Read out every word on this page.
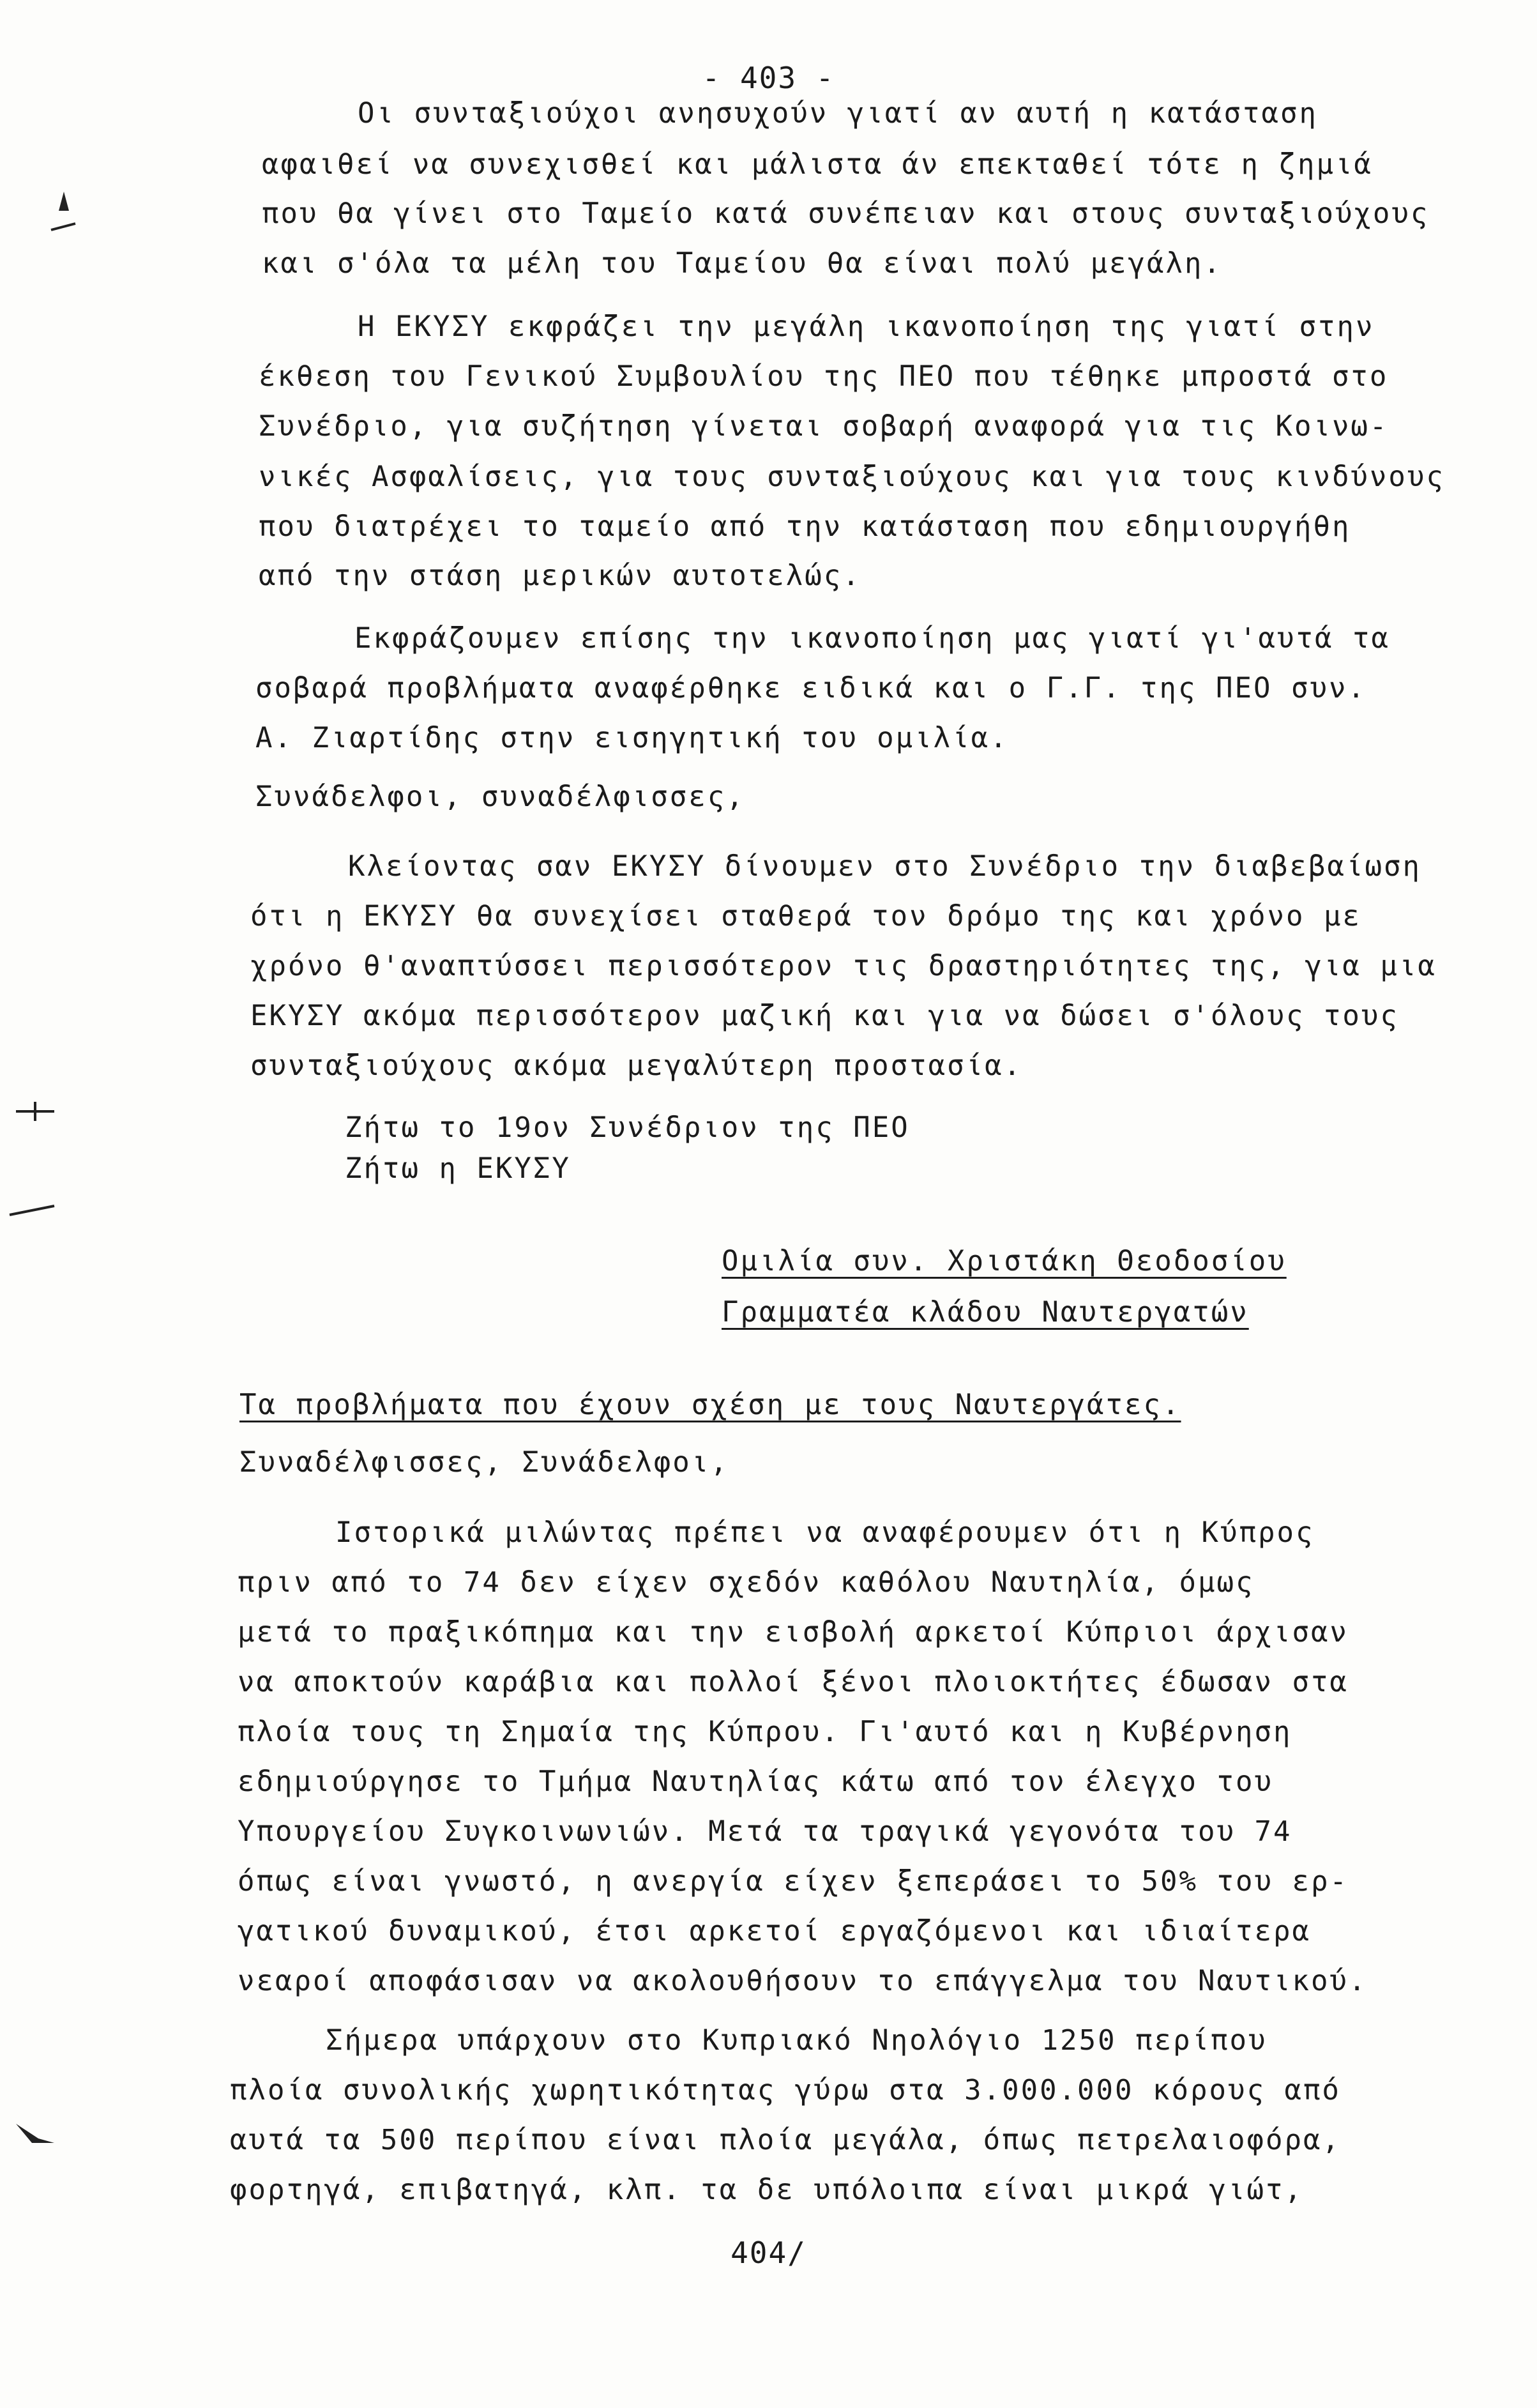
- 403 -
Οι συνταξιούχοι ανησυχούν γιατί αν αυτή η κατάσταση
αφαιθεί να συνεχισθεί και μάλιστα άν επεκταθεί τότε η ζημιά
που θα γίνει στο Ταμείο κατά συνέπειαν και στους συνταξιούχους
και σ'όλα τα μέλη του Ταμείου θα είναι πολύ μεγάλη.
Η ΕΚΥΣΥ εκφράζει την μεγάλη ικανοποίηση της γιατί στην
έκθεση του Γενικού Συμβουλίου της ΠΕΟ που τέθηκε μπροστά στο
Συνέδριο, για συζήτηση γίνεται σοβαρή αναφορά για τις Κοινω-
νικές Ασφαλίσεις, για τους συνταξιούχους και για τους κινδύνους
που διατρέχει το ταμείο από την κατάσταση που εδημιουργήθη
από την στάση μερικών αυτοτελώς.
Εκφράζουμεν επίσης την ικανοποίηση μας γιατί γι'αυτά τα
σοβαρά προβλήματα αναφέρθηκε ειδικά και ο Γ.Γ. της ΠΕΟ συν.
Α. Ζιαρτίδης στην εισηγητική του ομιλία.
Συνάδελφοι, συναδέλφισσες,
Κλείοντας σαν ΕΚΥΣΥ δίνουμεν στο Συνέδριο την διαβεβαίωση
ότι η ΕΚΥΣΥ θα συνεχίσει σταθερά τον δρόμο της και χρόνο με
χρόνο θ'αναπτύσσει περισσότερον τις δραστηριότητες της, για μια
ΕΚΥΣΥ ακόμα περισσότερον μαζική και για να δώσει σ'όλους τους
συνταξιούχους ακόμα μεγαλύτερη προστασία.
Ζήτω το 19ον Συνέδριον της ΠΕΟ
Ζήτω η ΕΚΥΣΥ
Ομιλία συν. Χριστάκη Θεοδοσίου
Γραμματέα κλάδου Ναυτεργατών
Τα προβλήματα που έχουν σχέση με τους Ναυτεργάτες.
Συναδέλφισσες, Συνάδελφοι,
Ιστορικά μιλώντας πρέπει να αναφέρουμεν ότι η Κύπρος
πριν από το 74 δεν είχεν σχεδόν καθόλου Ναυτηλία, όμως
μετά το πραξικόπημα και την εισβολή αρκετοί Κύπριοι άρχισαν
να αποκτούν καράβια και πολλοί ξένοι πλοιοκτήτες έδωσαν στα
πλοία τους τη Σημαία της Κύπρου. Γι'αυτό και η Κυβέρνηση
εδημιούργησε το Τμήμα Ναυτηλίας κάτω από τον έλεγχο του
Υπουργείου Συγκοινωνιών. Μετά τα τραγικά γεγονότα του 74
όπως είναι γνωστό, η ανεργία είχεν ξεπεράσει το 50% του ερ-
γατικού δυναμικού, έτσι αρκετοί εργαζόμενοι και ιδιαίτερα
νεαροί αποφάσισαν να ακολουθήσουν το επάγγελμα του Ναυτικού.
Σήμερα υπάρχουν στο Κυπριακό Νηολόγιο 1250 περίπου
πλοία συνολικής χωρητικότητας γύρω στα 3.000.000 κόρους από
αυτά τα 500 περίπου είναι πλοία μεγάλα, όπως πετρελαιοφόρα,
φορτηγά, επιβατηγά, κλπ. τα δε υπόλοιπα είναι μικρά γιώτ,
404/
